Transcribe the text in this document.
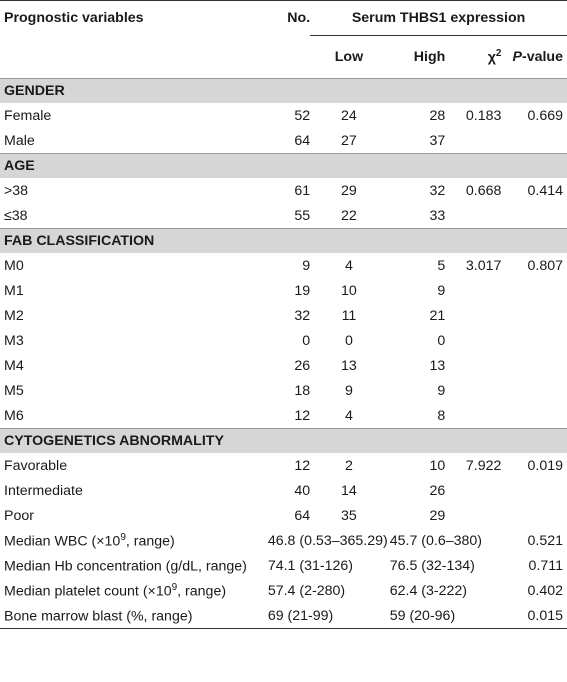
Prognostic variables	No.	Serum THBS1 expression			
		Low	High	$\chi^2$	P-value
GENDER					
Female	52	24	28	0.183	0.669
Male	64	27	37		
AGE					
>38	61	29	32	0.668	0.414
≤38	55	22	33		
FAB CLASSIFICATION					
M0	9	4	5	3.017	0.807
M1	19	10	9		
M2	32	11	21		
M3	0	0	0		
M4	26	13	13		
M5	18	9	9		
M6	12	4	8		
CYTOGENETICS ABNORMALITY					
Favorable	12	2	10	7.922	0.019
Intermediate	40	14	26		
Poor	64	35	29		
Median WBC ($\times 10^9$, range)	46.8 (0.53–365.29)		45.7 (0.6–380)		0.521
Median Hb concentration (g/dL, range)	74.1 (31-126)		76.5 (32-134)		0.711
Median platelet count ($\times 10^9$, range)	57.4 (2-280)		62.4 (3-222)		0.402
Bone marrow blast (%, range)	69 (21-99)		59 (20-96)		0.015
